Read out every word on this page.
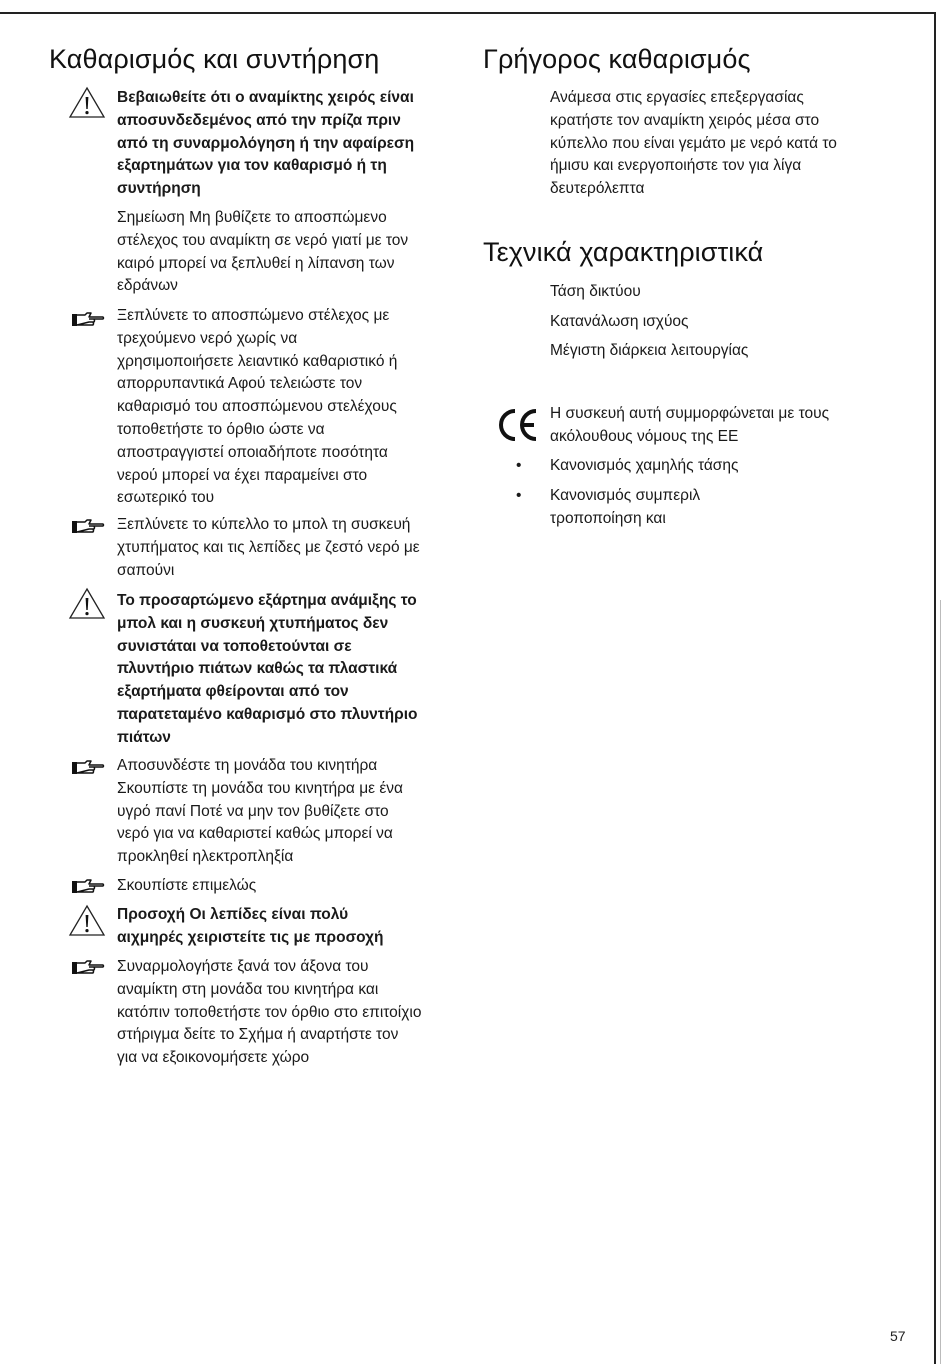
Καθαρισμός και συντήρηση
Βεβαιωθείτε ότι ο αναμίκτης χειρός είναι
αποσυνδεδεμένος από την πρίζα πριν
από τη συναρμολόγηση ή την αφαίρεση
εξαρτημάτων για τον καθαρισμό ή τη
συντήρηση
Σημείωση Μη βυθίζετε το αποσπώμενο
στέλεχος του αναμίκτη σε νερό γιατί με τον
καιρό μπορεί να ξεπλυθεί η λίπανση των
εδράνων
Ξεπλύνετε το αποσπώμενο στέλεχος με
τρεχούμενο νερό χωρίς να
χρησιμοποιήσετε λειαντικό καθαριστικό ή
απορρυπαντικά Αφού τελειώστε τον
καθαρισμό του αποσπώμενου στελέχους
τοποθετήστε το όρθιο ώστε να
αποστραγγιστεί οποιαδήποτε ποσότητα
νερού μπορεί να έχει παραμείνει στο
εσωτερικό του
Ξεπλύνετε το κύπελλο το μπολ τη συσκευή
χτυπήματος και τις λεπίδες με ζεστό νερό με
σαπούνι
Το προσαρτώμενο εξάρτημα ανάμιξης το
μπολ και η συσκευή χτυπήματος δεν
συνιστάται να τοποθετούνται σε
πλυντήριο πιάτων καθώς τα πλαστικά
εξαρτήματα φθείρονται από τον
παρατεταμένο καθαρισμό στο πλυντήριο
πιάτων
Αποσυνδέστε τη μονάδα του κινητήρα
Σκουπίστε τη μονάδα του κινητήρα με ένα
υγρό πανί Ποτέ να μην τον βυθίζετε στο
νερό για να καθαριστεί καθώς μπορεί να
προκληθεί ηλεκτροπληξία
Σκουπίστε επιμελώς
Προσοχή Οι λεπίδες είναι πολύ
αιχμηρές χειριστείτε τις με προσοχή
Συναρμολογήστε ξανά τον άξονα του
αναμίκτη στη μονάδα του κινητήρα και
κατόπιν τοποθετήστε τον όρθιο στο επιτοίχιο
στήριγμα δείτε το Σχήμα ή αναρτήστε τον
για να εξοικονομήσετε χώρο
Γρήγορος καθαρισμός
Ανάμεσα στις εργασίες επεξεργασίας
κρατήστε τον αναμίκτη χειρός μέσα στο
κύπελλο που είναι γεμάτο με νερό κατά το
ήμισυ και ενεργοποιήστε τον για λίγα
δευτερόλεπτα
Τεχνικά χαρακτηριστικά
Τάση δικτύου
Κατανάλωση ισχύος
Μέγιστη διάρκεια λειτουργίας
Η συσκευή αυτή συμμορφώνεται με τους
ακόλουθους νόμους της ΕΕ
• Κανονισμός χαμηλής τάσης
• Κανονισμός συμπεριλ
τροποποίηση και
57
